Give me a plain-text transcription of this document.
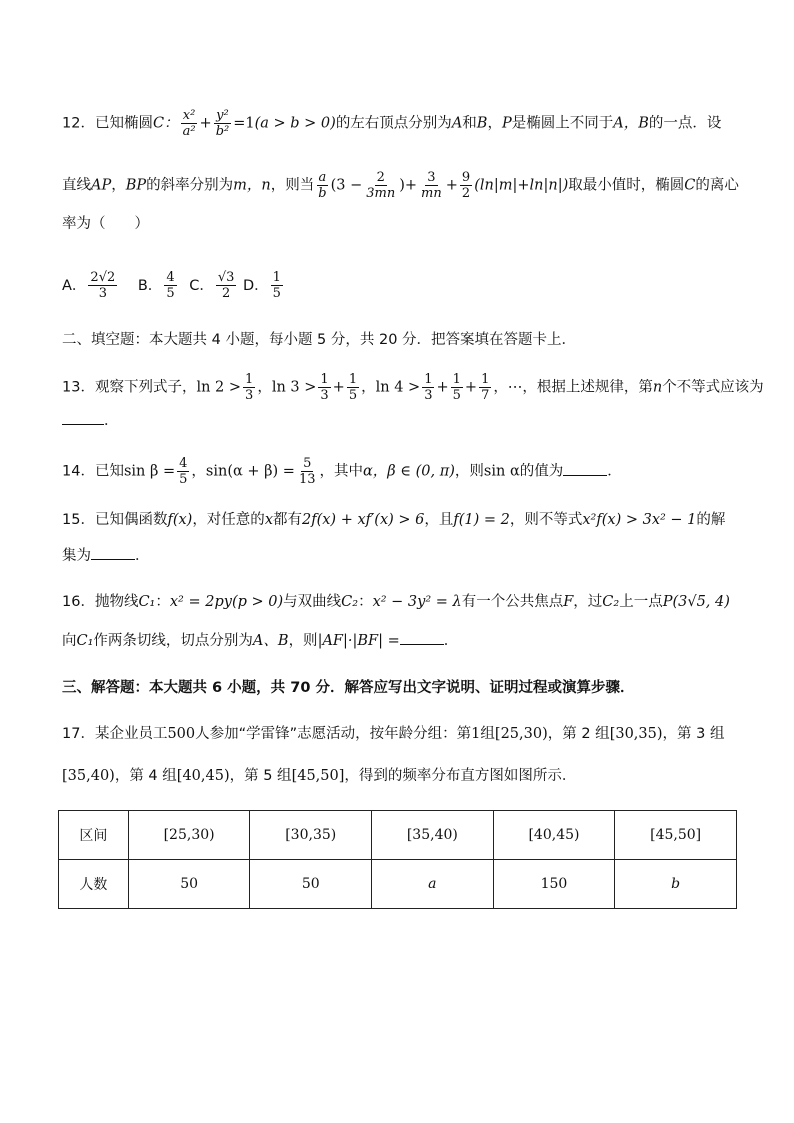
12．已知椭圆C： $\frac{\text{x²}}{\text{a²}} + \frac{\text{y²}}{\text{b²}} =1(a > b > 0)$的左右顶点分别为A和B，P是椭圆上不同于A，B的一点．设
直线AP，BP的斜率分别为m，n，则当 $\frac{a}{b} (3 - \frac{2}{3mn}$ )+ $\frac{3}{mn} + \frac{9}{2} (\ln|m|+\ln|n|)$取最小值时，椭圆C的离心
率为（　　）
A． $\frac{2√2}{3}$ B． $\frac{4}{5}$ C． $\frac{√3}{2}$ D． $\frac{1}{5}$
二、填空题：本大题共 4 小题，每小题 5 分，共 20 分．把答案填在答题卡上．
13．观察下列式子，$\ln 2 > \frac{1}{3}$ ，$\ln 3 > \frac{1}{3} + \frac{1}{5}$ ，$\ln 4 > \frac{1}{3} + \frac{1}{5} + \frac{1}{7}$ ，⋯，根据上述规律，第n个不等式应该为
．
14．已知$\sin \beta = \frac{4}{5}$ ，$\sin(\alpha + \beta) = \frac{5}{13}$ ，其中α，β ∈ (0, π)，则sin α的值为	．
15．已知偶函数f(x)，对任意的x都有2f(x) + xf′(x) > 6，且f(1) = 2，则不等式x²f(x) > 3x² − 1的解
集为	．
16．抛物线C₁：x² = 2py(p > 0)与双曲线C₂：x² − 3y² = λ有一个公共焦点F，过C₂上一点P(3√5, 4)
向C₁作两条切线，切点分别为A、B，则|AF|·|BF| =	．
三、解答题：本大题共 6 小题，共 70 分．解答应写出文字说明、证明过程或演算步骤．
17．某企业员工500人参加“学雷锋”志愿活动，按年龄分组：第1组[25,30)，第 2 组[30,35)，第 3 组
[35,40)，第 4 组[40,45)，第 5 组[45,50]，得到的频率分布直方图如图所示．
区间	[25,30)	[30,35)	[35,40)	[40,45)	[45,50]
人数	50	50	a	150	b
